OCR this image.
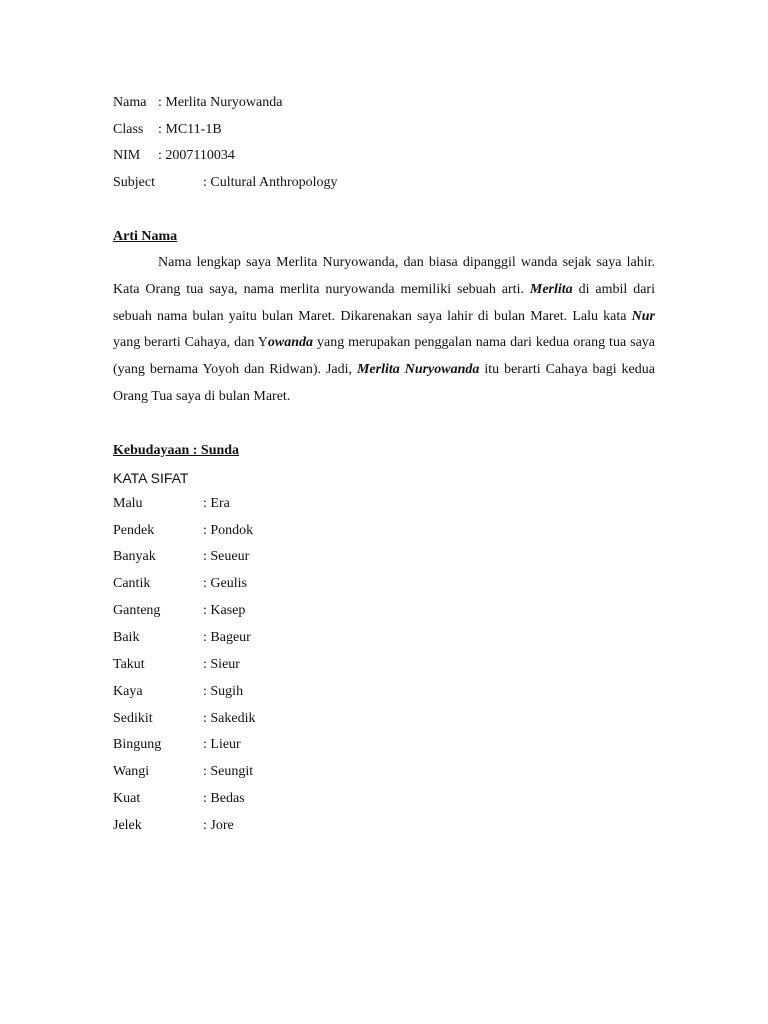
Nama : Merlita Nuryowanda
Class : MC11-1B
NIM : 2007110034
Subject	: Cultural Anthropology
Arti Nama
Nama lengkap saya Merlita Nuryowanda, dan biasa dipanggil wanda sejak saya lahir. Kata Orang tua saya, nama merlita nuryowanda memiliki sebuah arti. Merlita di ambil dari sebuah nama bulan yaitu bulan Maret. Dikarenakan saya lahir di bulan Maret. Lalu kata Nur yang berarti Cahaya, dan Yowanda yang merupakan penggalan nama dari kedua orang tua saya (yang bernama Yoyoh dan Ridwan). Jadi, Merlita Nuryowanda itu berarti Cahaya bagi kedua Orang Tua saya di bulan Maret.
Kebudayaan : Sunda
KATA SIFAT
Malu	: Era
Pendek	: Pondok
Banyak	: Seueur
Cantik	: Geulis
Ganteng	: Kasep
Baik	: Bageur
Takut	: Sieur
Kaya	: Sugih
Sedikit	: Sakedik
Bingung	: Lieur
Wangi	: Seungit
Kuat	: Bedas
Jelek	: Jore
